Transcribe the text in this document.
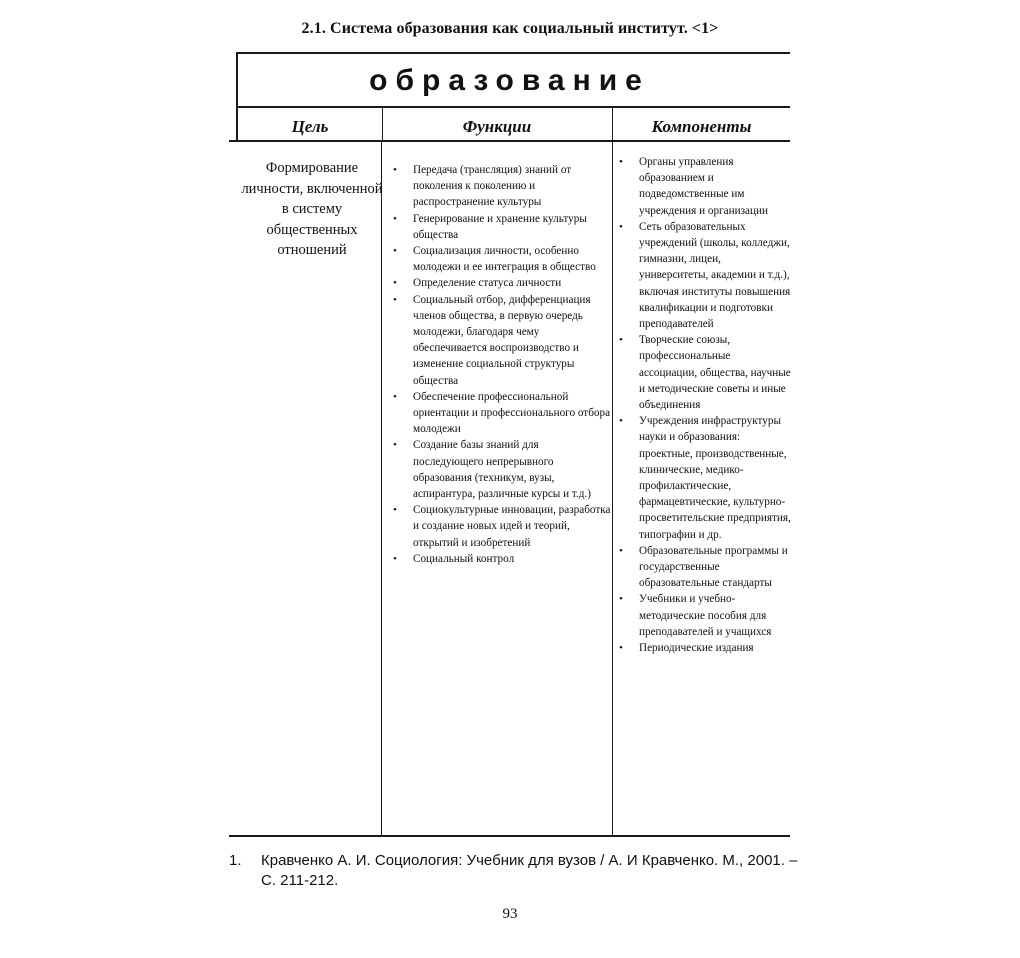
2.1. Система образования как социальный институт. <1>
образование
Цель	Функции	Компоненты
Формирование личности, включенной в систему общественных отношений
• Передача (трансляция) знаний от поколения к поколению и распространение культуры
• Генерирование и хранение культуры общества
• Социализация личности, особенно молодежи и ее интеграция в общество
• Определение статуса личности
• Социальный отбор, дифференциация членов общества, в первую очередь молодежи, благодаря чему обеспечивается воспроизводство и изменение социальной структуры общества
• Обеспечение профессиональной ориентации и профессионального отбора молодежи
• Создание базы знаний для последующего непрерывного образования (техникум, вузы, аспирантура, различные курсы и т.д.)
• Социокультурные инновации, разработка и создание новых идей и теорий, открытий и изобретений
• Социальный контрол
• Органы управления образованием и подведомственные им учреждения и организации
• Сеть образовательных учреждений (школы, колледжи, гимназии, лицеи, университеты, академии и т.д.), включая институты повышения квалификации и подготовки преподавателей
• Творческие союзы, профессиональные ассоциации, общества, научные и методические советы и иные объединения
• Учреждения инфраструктуры науки и образования: проектные, производственные, клинические, медико-профилактические, фармацевтические, культурно-просветительские предприятия, типографии и др.
• Образовательные программы и государственные образовательные стандарты
• Учебники и учебно-методические пособия для преподавателей и учащихся
• Периодические издания
1. Кравченко А. И. Социология: Учебник для вузов / А. И Кравченко. М., 2001. – С. 211-212.
93
